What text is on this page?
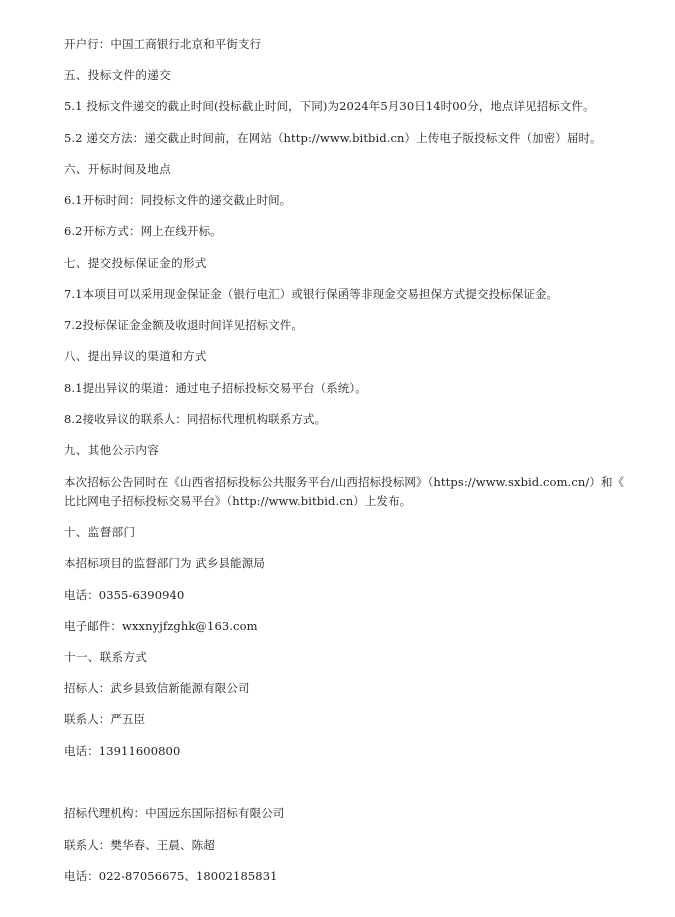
开户行：中国工商银行北京和平街支行
五、投标文件的递交
5.1 投标文件递交的截止时间(投标截止时间，下同)为2024年5月30日14时00分，地点详见招标文件。
5.2 递交方法：递交截止时间前，在网站（http://www.bitbid.cn）上传电子版投标文件（加密）届时。
六、开标时间及地点
6.1开标时间：同投标文件的递交截止时间。
6.2开标方式：网上在线开标。
七、提交投标保证金的形式
7.1本项目可以采用现金保证金（银行电汇）或银行保函等非现金交易担保方式提交投标保证金。
7.2投标保证金金额及收退时间详见招标文件。
八、提出异议的渠道和方式
8.1提出异议的渠道：通过电子招标投标交易平台（系统）。
8.2接收异议的联系人：同招标代理机构联系方式。
九、其他公示内容
本次招标公告同时在《山西省招标投标公共服务平台/山西招标投标网》（https://www.sxbid.com.cn/）和《
比比网电子招标投标交易平台》（http://www.bitbid.cn）上发布。
十、监督部门
本招标项目的监督部门为 武乡县能源局
电话：0355-6390940
电子邮件：wxxnyjfzghk@163.com
十一、联系方式
招标人：武乡县致信新能源有限公司
联系人：严五臣
电话：13911600800
招标代理机构：中国远东国际招标有限公司
联系人：樊华春、王晨、陈超
电话：022-87056675、18002185831
